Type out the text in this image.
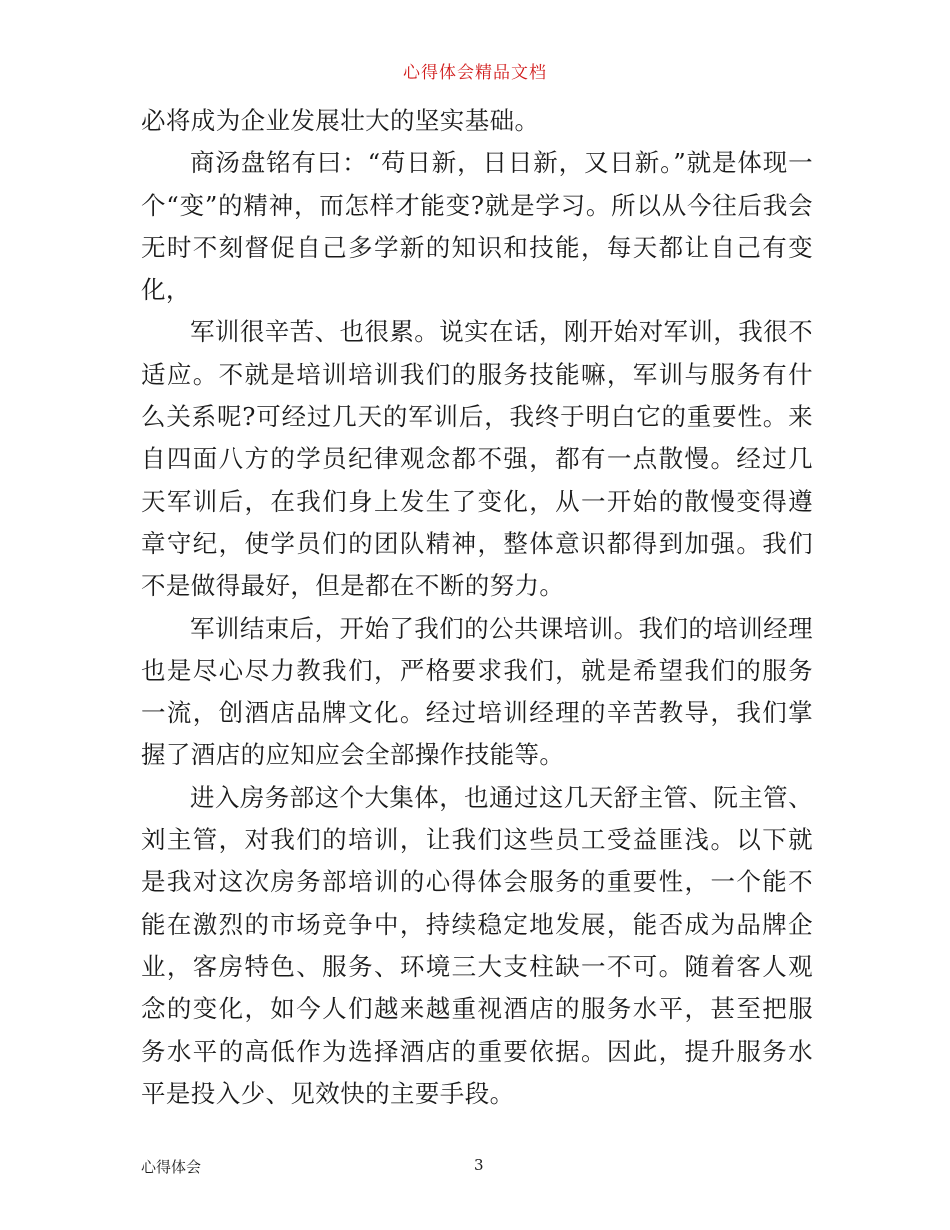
心得体会精品文档

必将成为企业发展壮大的坚实基础。

商汤盘铭有曰：“苟日新，日日新，又日新。”就是体现一个“变”的精神，而怎样才能变?就是学习。所以从今往后我会无时不刻督促自己多学新的知识和技能，每天都让自己有变化，

军训很辛苦、也很累。说实在话，刚开始对军训，我很不适应。不就是培训培训我们的服务技能嘛，军训与服务有什么关系呢?可经过几天的军训后，我终于明白它的重要性。来自四面八方的学员纪律观念都不强，都有一点散慢。经过几天军训后，在我们身上发生了变化，从一开始的散慢变得遵章守纪，使学员们的团队精神，整体意识都得到加强。我们不是做得最好，但是都在不断的努力。

军训结束后，开始了我们的公共课培训。我们的培训经理也是尽心尽力教我们，严格要求我们，就是希望我们的服务一流，创酒店品牌文化。经过培训经理的辛苦教导，我们掌握了酒店的应知应会全部操作技能等。

进入房务部这个大集体，也通过这几天舒主管、阮主管、刘主管，对我们的培训，让我们这些员工受益匪浅。以下就是我对这次房务部培训的心得体会服务的重要性，一个能不能在激烈的市场竞争中，持续稳定地发展，能否成为品牌企业，客房特色、服务、环境三大支柱缺一不可。随着客人观念的变化，如今人们越来越重视酒店的服务水平，甚至把服务水平的高低作为选择酒店的重要依据。因此，提升服务水平是投入少、见效快的主要手段。

心得体会	3
